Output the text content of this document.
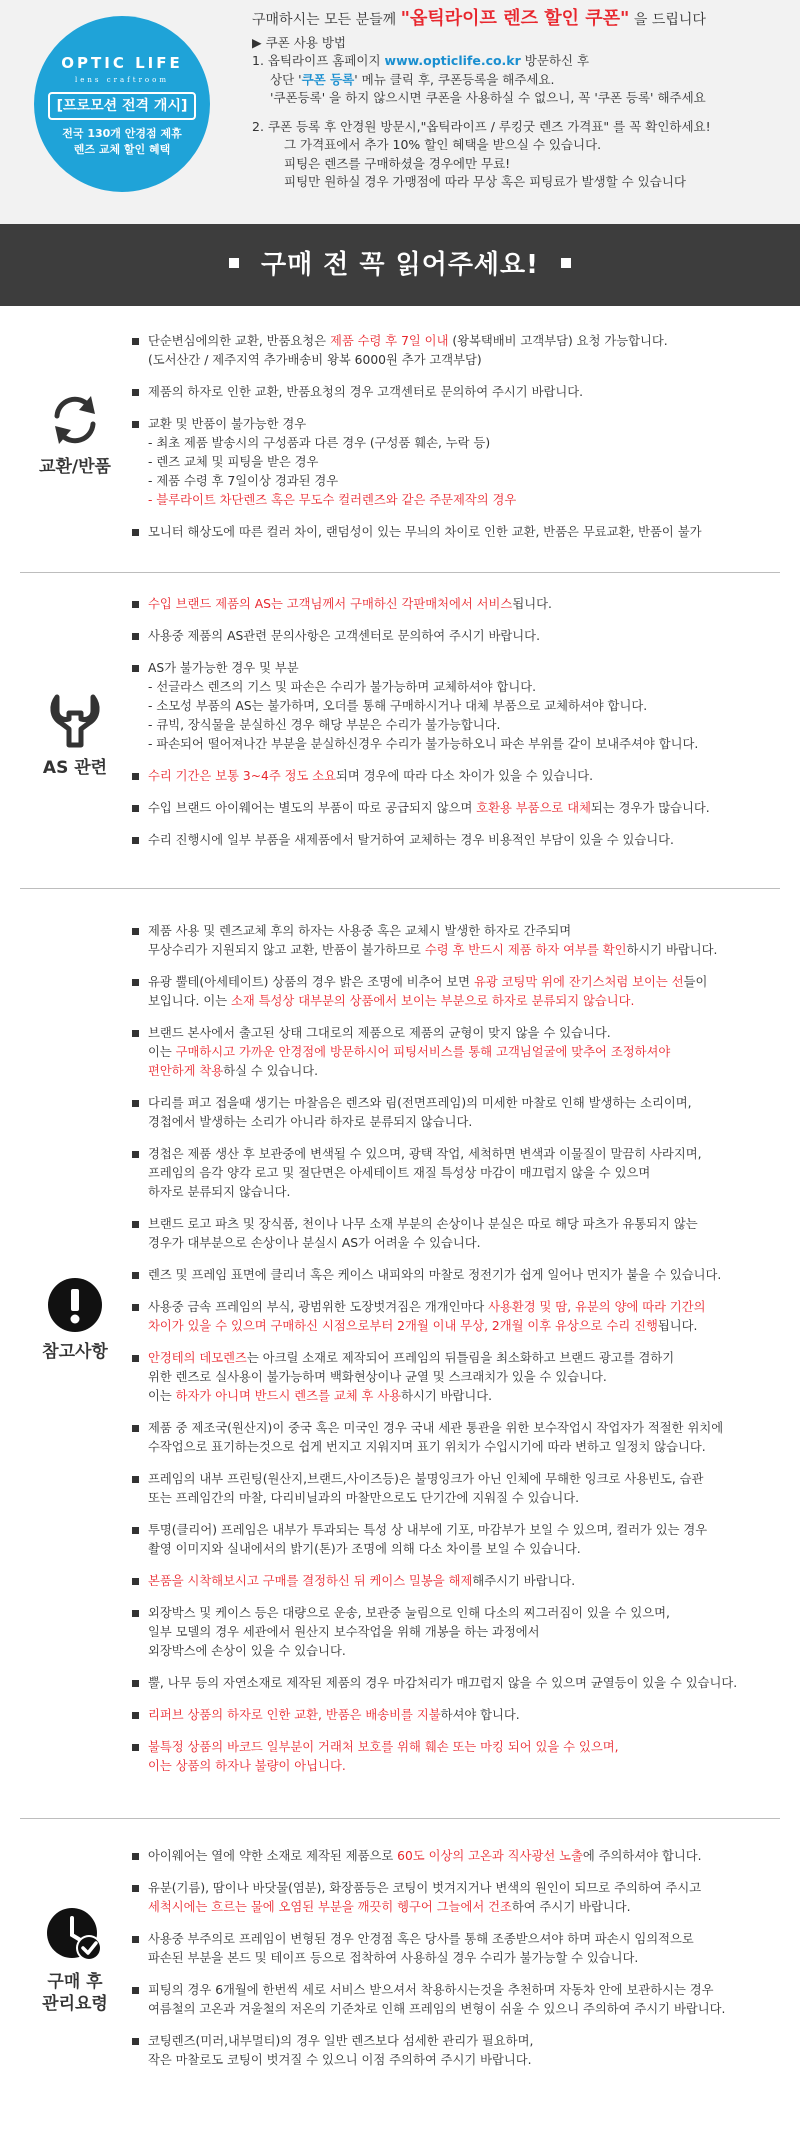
OPTIC LIFE
lens craftroom
[프로모션 전격 개시]
전국 130개 안경점 제휴
렌즈 교체 할인 혜택
구매하시는 모든 분들께 "옵틱라이프 렌즈 할인 쿠폰" 을 드립니다
▶ 쿠폰 사용 방법
1. 옵틱라이프 홈페이지 www.opticlife.co.kr 방문하신 후
상단 '쿠폰 등록' 메뉴 클릭 후, 쿠폰등록을 해주세요.
'쿠폰등록' 을 하지 않으시면 쿠폰을 사용하실 수 없으니, 꼭 '쿠폰 등록' 해주세요
2. 쿠폰 등록 후 안경원 방문시,"옵틱라이프 / 루킹굿 렌즈 가격표" 를 꼭 확인하세요!
그 가격표에서 추가 10% 할인 혜택을 받으실 수 있습니다.
피팅은 렌즈를 구매하셨을 경우에만 무료!
피팅만 원하실 경우 가맹점에 따라 무상 혹은 피팅료가 발생할 수 있습니다
구매 전 꼭 읽어주세요!
교환/반품
단순변심에의한 교환, 반품요청은 제품 수령 후 7일 이내 (왕복택배비 고객부담) 요청 가능합니다.
(도서산간 / 제주지역 추가배송비 왕복 6000원 추가 고객부담)
제품의 하자로 인한 교환, 반품요청의 경우 고객센터로 문의하여 주시기 바랍니다.
교환 및 반품이 불가능한 경우
- 최초 제품 발송시의 구성품과 다른 경우 (구성품 훼손, 누락 등)
- 렌즈 교체 및 피팅을 받은 경우
- 제품 수령 후 7일이상 경과된 경우
- 블루라이트 차단렌즈 혹은 무도수 컬러렌즈와 같은 주문제작의 경우
모니터 해상도에 따른 컬러 차이, 랜덤성이 있는 무늬의 차이로 인한 교환, 반품은 무료교환, 반품이 불가
AS 관련
수입 브랜드 제품의 AS는 고객님께서 구매하신 각판매처에서 서비스됩니다.
사용중 제품의 AS관련 문의사항은 고객센터로 문의하여 주시기 바랍니다.
AS가 불가능한 경우 및 부분
- 선글라스 렌즈의 기스 및 파손은 수리가 불가능하며 교체하셔야 합니다.
- 소모성 부품의 AS는 불가하며, 오더를 통해 구매하시거나 대체 부품으로 교체하셔야 합니다.
- 큐빅, 장식물을 분실하신 경우 해당 부분은 수리가 불가능합니다.
- 파손되어 떨어져나간 부분을 분실하신경우 수리가 불가능하오니 파손 부위를 같이 보내주셔야 합니다.
수리 기간은 보통 3~4주 정도 소요되며 경우에 따라 다소 차이가 있을 수 있습니다.
수입 브랜드 아이웨어는 별도의 부품이 따로 공급되지 않으며 호환용 부품으로 대체되는 경우가 많습니다.
수리 진행시에 일부 부품을 새제품에서 탈거하여 교체하는 경우 비용적인 부담이 있을 수 있습니다.
참고사항
제품 사용 및 렌즈교체 후의 하자는 사용중 혹은 교체시 발생한 하자로 간주되며
무상수리가 지원되지 않고 교환, 반품이 불가하므로 수령 후 반드시 제품 하자 여부를 확인하시기 바랍니다.
유광 뿔테(아세테이트) 상품의 경우 밝은 조명에 비추어 보면 유광 코팅막 위에 잔기스처럼 보이는 선들이
보입니다. 이는 소재 특성상 대부분의 상품에서 보이는 부분으로 하자로 분류되지 않습니다.
브랜드 본사에서 출고된 상태 그대로의 제품으로 제품의 균형이 맞지 않을 수 있습니다.
이는 구매하시고 가까운 안경점에 방문하시어 피팅서비스를 통해 고객님얼굴에 맞추어 조정하셔야
편안하게 착용하실 수 있습니다.
다리를 펴고 접을때 생기는 마찰음은 렌즈와 림(전면프레임)의 미세한 마찰로 인해 발생하는 소리이며,
경첩에서 발생하는 소리가 아니라 하자로 분류되지 않습니다.
경첩은 제품 생산 후 보관중에 변색될 수 있으며, 광택 작업, 세척하면 변색과 이물질이 말끔히 사라지며,
프레임의 음각 양각 로고 및 절단면은 아세테이트 재질 특성상 마감이 매끄럽지 않을 수 있으며
하자로 분류되지 않습니다.
브랜드 로고 파츠 및 장식품, 천이나 나무 소재 부분의 손상이나 분실은 따로 해당 파츠가 유통되지 않는
경우가 대부분으로 손상이나 분실시 AS가 어려울 수 있습니다.
렌즈 및 프레임 표면에 클리너 혹은 케이스 내피와의 마찰로 정전기가 쉽게 일어나 먼지가 붙을 수 있습니다.
사용중 금속 프레임의 부식, 광범위한 도장벗겨짐은 개개인마다 사용환경 및 땀, 유분의 양에 따라 기간의
차이가 있을 수 있으며 구매하신 시점으로부터 2개월 이내 무상, 2개월 이후 유상으로 수리 진행됩니다.
안경테의 데모렌즈는 아크릴 소재로 제작되어 프레임의 뒤틀림을 최소화하고 브랜드 광고를 겸하기
위한 렌즈로 실사용이 불가능하며 백화현상이나 균열 및 스크래치가 있을 수 있습니다.
이는 하자가 아니며 반드시 렌즈를 교체 후 사용하시기 바랍니다.
제품 중 제조국(원산지)이 중국 혹은 미국인 경우 국내 세관 통관을 위한 보수작업시 작업자가 적절한 위치에
수작업으로 표기하는것으로 쉽게 번지고 지워지며 표기 위치가 수입시기에 따라 변하고 일정치 않습니다.
프레임의 내부 프린팅(원산지,브랜드,사이즈등)은 불명잉크가 아닌 인체에 무해한 잉크로 사용빈도, 습관
또는 프레임간의 마찰, 다리비닐과의 마찰만으로도 단기간에 지워질 수 있습니다.
투명(클리어) 프레임은 내부가 투과되는 특성 상 내부에 기포, 마감부가 보일 수 있으며, 컬러가 있는 경우
촬영 이미지와 실내에서의 밝기(톤)가 조명에 의해 다소 차이를 보일 수 있습니다.
본품을 시착해보시고 구매를 결정하신 뒤 케이스 밀봉을 해제해주시기 바랍니다.
외장박스 및 케이스 등은 대량으로 운송, 보관중 눌림으로 인해 다소의 찌그러짐이 있을 수 있으며,
일부 모델의 경우 세관에서 원산지 보수작업을 위해 개봉을 하는 과정에서
외장박스에 손상이 있을 수 있습니다.
뿔, 나무 등의 자연소재로 제작된 제품의 경우 마감처리가 매끄럽지 않을 수 있으며 균열등이 있을 수 있습니다.
리퍼브 상품의 하자로 인한 교환, 반품은 배송비를 지불하셔야 합니다.
불특정 상품의 바코드 일부분이 거래처 보호를 위해 훼손 또는 마킹 되어 있을 수 있으며,
이는 상품의 하자나 불량이 아닙니다.
구매 후
관리요령
아이웨어는 열에 약한 소재로 제작된 제품으로 60도 이상의 고온과 직사광선 노출에 주의하셔야 합니다.
유분(기름), 땀이나 바닷물(염분), 화장품등은 코팅이 벗겨지거나 변색의 원인이 되므로 주의하여 주시고
세척시에는 흐르는 물에 오염된 부분을 깨끗히 헹구어 그늘에서 건조하여 주시기 바랍니다.
사용중 부주의로 프레임이 변형된 경우 안경점 혹은 당사를 통해 조종받으셔야 하며 파손시 임의적으로
파손된 부분을 본드 및 테이프 등으로 접착하여 사용하실 경우 수리가 불가능할 수 있습니다.
피팅의 경우 6개월에 한번씩 세로 서비스 받으셔서 착용하시는것을 추천하며 자동차 안에 보관하시는 경우
여름철의 고온과 겨울철의 저온의 기준차로 인해 프레임의 변형이 쉬울 수 있으니 주의하여 주시기 바랍니다.
코팅렌즈(미러,내부멀티)의 경우 일반 렌즈보다 섬세한 관리가 필요하며,
작은 마찰로도 코팅이 벗겨질 수 있으니 이점 주의하여 주시기 바랍니다.
